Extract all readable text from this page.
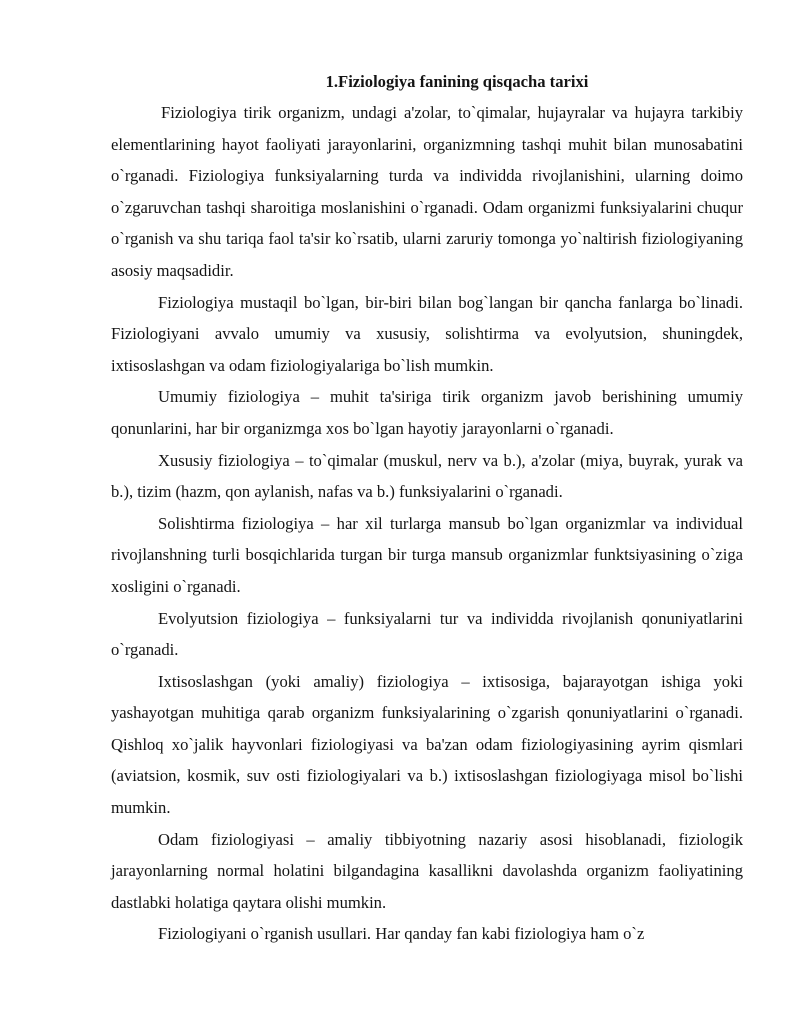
1.Fiziologiya fanining qisqacha tarixi

Fiziologiya tirik organizm, undagi a'zolar, to`qimalar, hujayralar va hujayra tarkibiy elementlarining hayot faoliyati jarayonlarini, organizmning tashqi muhit bilan munosabatini o`rganadi. Fiziologiya funksiyalarning turda va individda rivojlanishini, ularning doimo o`zgaruvchan tashqi sharoitiga moslanishini o`rganadi. Odam organizmi funksiyalarini chuqur o`rganish va shu tariqa faol ta'sir ko`rsatib, ularni zaruriy tomonga yo`naltirish fiziologiyaning asosiy maqsadidir.

Fiziologiya mustaqil bo`lgan, bir-biri bilan bog`langan bir qancha fanlarga bo`linadi. Fiziologiyani avvalo umumiy va xususiy, solishtirma va evolyutsion, shuningdek, ixtisoslashgan va odam fiziologiyalariga bo`lish mumkin.

Umumiy fiziologiya – muhit ta'siriga tirik organizm javob berishining umumiy qonunlarini, har bir organizmga xos bo`lgan hayotiy jarayonlarni o`rganadi.

Xususiy fiziologiya – to`qimalar (muskul, nerv va b.), a'zolar (miya, buyrak, yurak va b.), tizim (hazm, qon aylanish, nafas va b.) funksiyalarini o`rganadi.

Solishtirma fiziologiya – har xil turlarga mansub bo`lgan organizmlar va individual rivojlanshning turli bosqichlarida turgan bir turga mansub organizmlar funktsiyasining o`ziga xosligini o`rganadi.

Evolyutsion fiziologiya – funksiyalarni tur va individda rivojlanish qonuniyatlarini o`rganadi.

Ixtisoslashgan (yoki amaliy) fiziologiya – ixtisosiga, bajarayotgan ishiga yoki yashayotgan muhitiga qarab organizm funksiyalarining o`zgarish qonuniyatlarini o`rganadi. Qishloq xo`jalik hayvonlari fiziologiyasi va ba'zan odam fiziologiyasining ayrim qismlari (aviatsion, kosmik, suv osti fiziologiyalari va b.) ixtisoslashgan fiziologiyaga misol bo`lishi mumkin.

Odam fiziologiyasi – amaliy tibbiyotning nazariy asosi hisoblanadi, fiziologik jarayonlarning normal holatini bilgandagina kasallikni davolashda organizm faoliyatining dastlabki holatiga qaytara olishi mumkin.

Fiziologiyani o`rganish usullari. Har qanday fan kabi fiziologiya ham o`z
